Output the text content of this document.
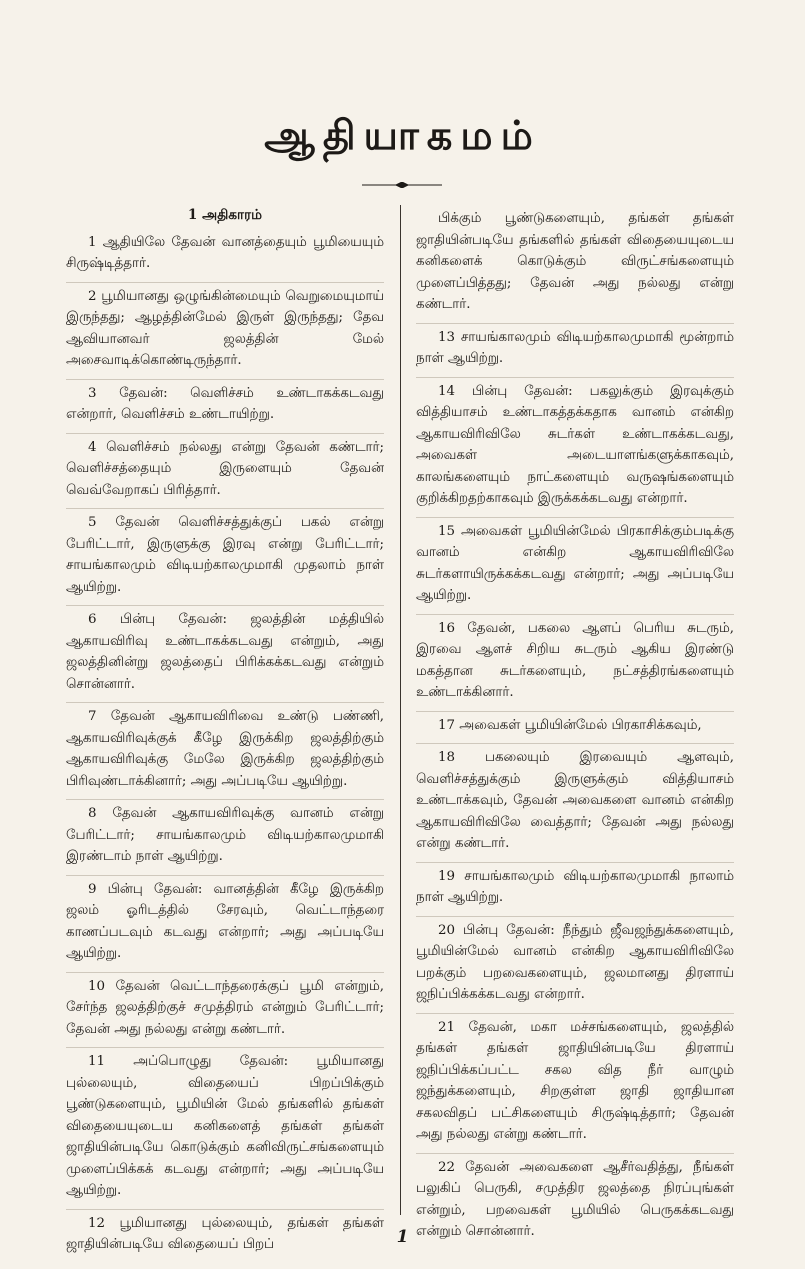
ஆதியாகமம்

1 அதிகாரம்

1 ஆதியிலே தேவன் வானத்தையும் பூமியையும் சிருஷ்டித்தார்.

2 பூமியானது ஒழுங்கின்மையும் வெறுமையுமாய் இருந்தது; ஆழத்தின்மேல் இருள் இருந்தது; தேவ ஆவியானவர் ஜலத்தின் மேல் அசைவாடிக்கொண்டிருந்தார்.

3 தேவன்: வெளிச்சம் உண்டாகக்கடவது என்றார், வெளிச்சம் உண்டாயிற்று.

4 வெளிச்சம் நல்லது என்று தேவன் கண்டார்; வெளிச்சத்தையும் இருளையும் தேவன் வெவ்வேறாகப் பிரித்தார்.

5 தேவன் வெளிச்சத்துக்குப் பகல் என்று பேரிட்டார், இருளுக்கு இரவு என்று பேரிட்டார்; சாயங்காலமும் விடியற்காலமுமாகி முதலாம் நாள் ஆயிற்று.

6 பின்பு தேவன்: ஜலத்தின் மத்தியில் ஆகாயவிரிவு உண்டாகக்கடவது என்றும், அது ஜலத்தினின்று ஜலத்தைப் பிரிக்கக்கடவது என்றும் சொன்னார்.

7 தேவன் ஆகாயவிரிவை உண்டு பண்ணி, ஆகாயவிரிவுக்குக் கீழே இருக்கிற ஜலத்திற்கும் ஆகாயவிரிவுக்கு மேலே இருக்கிற ஜலத்திற்கும் பிரிவுண்டாக்கினார்; அது அப்படியே ஆயிற்று.

8 தேவன் ஆகாயவிரிவுக்கு வானம் என்று பேரிட்டார்; சாயங்காலமும் விடியற்காலமுமாகி இரண்டாம் நாள் ஆயிற்று.

9 பின்பு தேவன்: வானத்தின் கீழே இருக்கிற ஜலம் ஓரிடத்தில் சேரவும், வெட்டாந்தரை காணப்படவும் கடவது என்றார்; அது அப்படியே ஆயிற்று.

10 தேவன் வெட்டாந்தரைக்குப் பூமி என்றும், சேர்ந்த ஜலத்திற்குச் சமுத்திரம் என்றும் பேரிட்டார்; தேவன் அது நல்லது என்று கண்டார்.

11 அப்பொழுது தேவன்: பூமியானது புல்லையும், விதையைப் பிறப்பிக்கும் பூண்டுகளையும், பூமியின் மேல் தங்களில் தங்கள் விதையையுடைய கனிகளைத் தங்கள் தங்கள் ஜாதியின்படியே கொடுக்கும் கனிவிருட்சங்களையும் முளைப்பிக்கக் கடவது என்றார்; அது அப்படியே ஆயிற்று.

12 பூமியானது புல்லையும், தங்கள் தங்கள் ஜாதியின்படியே விதையைப் பிறப்

பிக்கும் பூண்டுகளையும், தங்கள் தங்கள் ஜாதியின்படியே தங்களில் தங்கள் விதையையுடைய கனிகளைக் கொடுக்கும் விருட்சங்களையும் முளைப்பித்தது; தேவன் அது நல்லது என்று கண்டார்.

13 சாயங்காலமும் விடியற்காலமுமாகி மூன்றாம் நாள் ஆயிற்று.

14 பின்பு தேவன்: பகலுக்கும் இரவுக்கும் வித்தியாசம் உண்டாகத்தக்கதாக வானம் என்கிற ஆகாயவிரிவிலே சுடர்கள் உண்டாகக்கடவது, அவைகள் அடையாளங்களுக்காகவும், காலங்களையும் நாட்களையும் வருஷங்களையும் குறிக்கிறதற்காகவும் இருக்கக்கடவது என்றார்.

15 அவைகள் பூமியின்மேல் பிரகாசிக்கும்படிக்கு வானம் என்கிற ஆகாயவிரிவிலே சுடர்களாயிருக்கக்கடவது என்றார்; அது அப்படியே ஆயிற்று.

16 தேவன், பகலை ஆளப் பெரிய சுடரும், இரவை ஆளச் சிறிய சுடரும் ஆகிய இரண்டு மகத்தான சுடர்களையும், நட்சத்திரங்களையும் உண்டாக்கினார்.

17 அவைகள் பூமியின்மேல் பிரகாசிக்கவும்,

18 பகலையும் இரவையும் ஆளவும், வெளிச்சத்துக்கும் இருளுக்கும் வித்தியாசம் உண்டாக்கவும், தேவன் அவைகளை வானம் என்கிற ஆகாயவிரிவிலே வைத்தார்; தேவன் அது நல்லது என்று கண்டார்.

19 சாயங்காலமும் விடியற்காலமுமாகி நாலாம் நாள் ஆயிற்று.

20 பின்பு தேவன்: நீந்தும் ஜீவஜந்துக்களையும், பூமியின்மேல் வானம் என்கிற ஆகாயவிரிவிலே பறக்கும் பறவைகளையும், ஜலமானது திரளாய் ஜநிப்பிக்கக்கடவது என்றார்.

21 தேவன், மகா மச்சங்களையும், ஜலத்தில் தங்கள் தங்கள் ஜாதியின்படியே திரளாய் ஜநிப்பிக்கப்பட்ட சகல வித நீர் வாழும் ஜந்துக்களையும், சிறகுள்ள ஜாதி ஜாதியான சகலவிதப் பட்சிகளையும் சிருஷ்டித்தார்; தேவன் அது நல்லது என்று கண்டார்.

22 தேவன் அவைகளை ஆசீர்வதித்து, நீங்கள் பலுகிப் பெருகி, சமுத்திர ஜலத்தை நிரப்புங்கள் என்றும், பறவைகள் பூமியில் பெருகக்கடவது என்றும் சொன்னார்.

1
